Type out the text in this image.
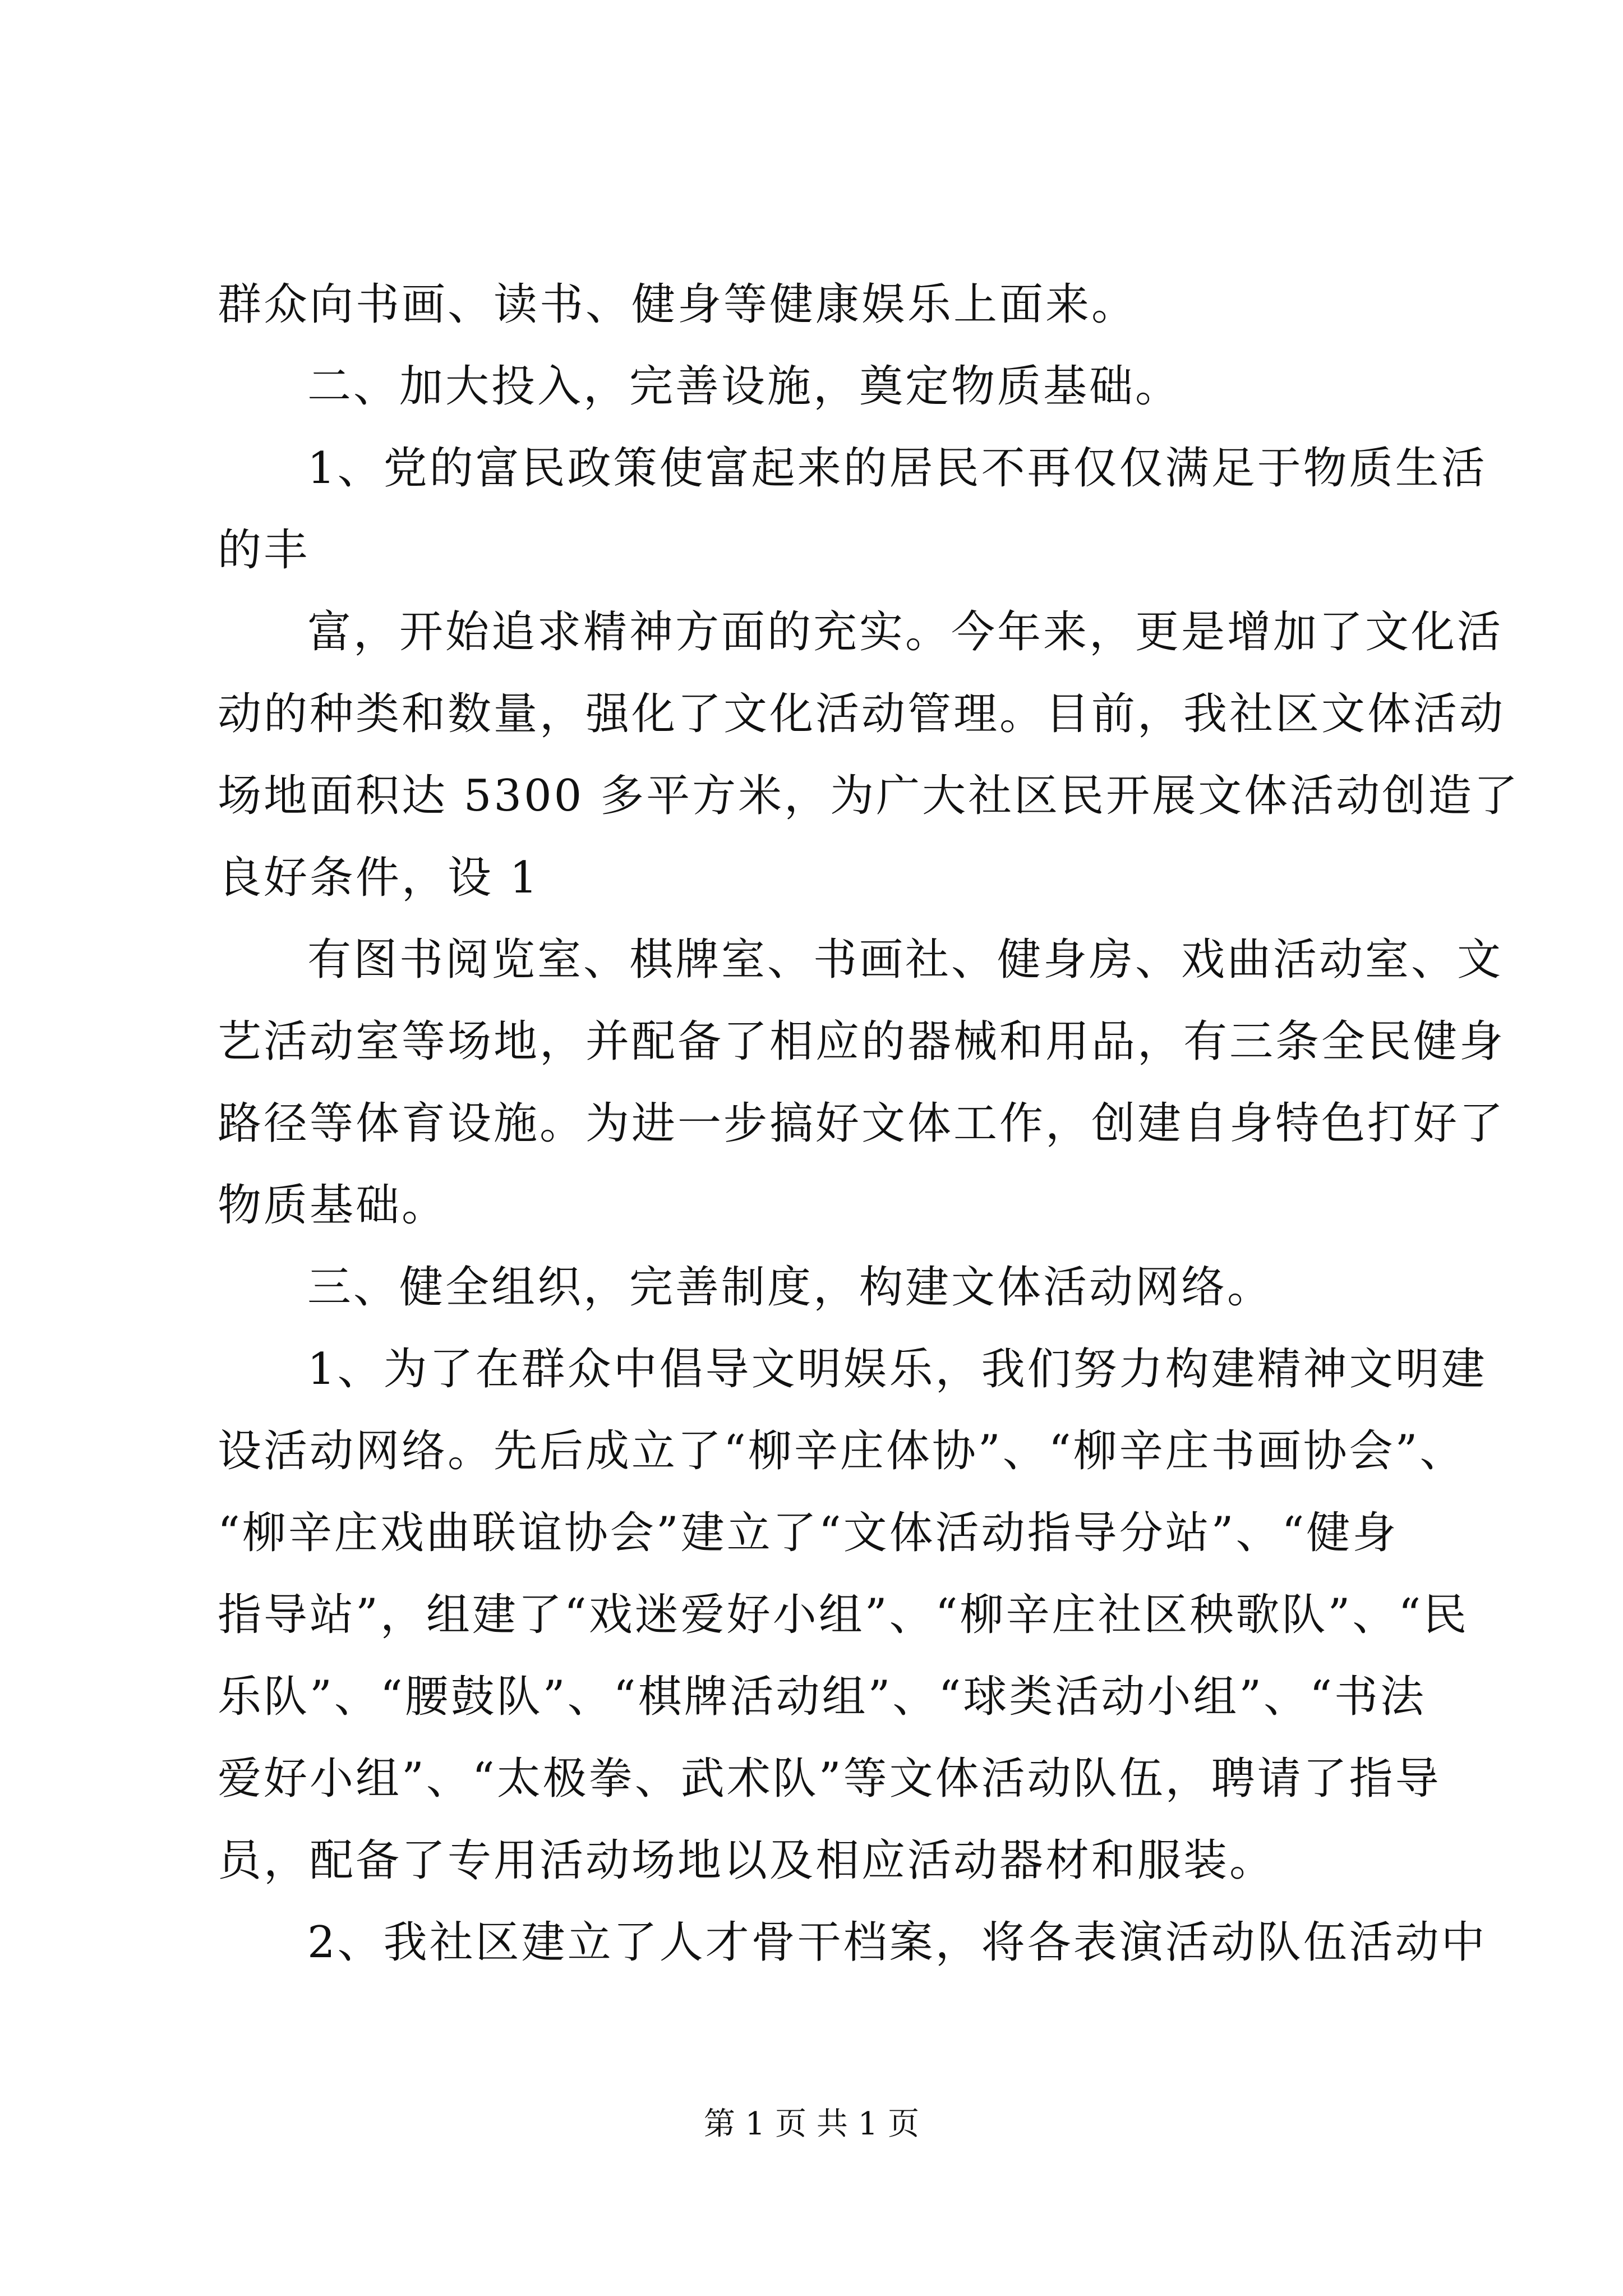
群众向书画、读书、健身等健康娱乐上面来。
二、加大投入，完善设施，奠定物质基础。
1、党的富民政策使富起来的居民不再仅仅满足于物质生活
的丰
富，开始追求精神方面的充实。今年来，更是增加了文化活
动的种类和数量，强化了文化活动管理。目前，我社区文体活动
场地面积达 5300 多平方米，为广大社区民开展文体活动创造了
良好条件，设 1
有图书阅览室、棋牌室、书画社、健身房、戏曲活动室、文
艺活动室等场地，并配备了相应的器械和用品，有三条全民健身
路径等体育设施。为进一步搞好文体工作，创建自身特色打好了
物质基础。
三、健全组织，完善制度，构建文体活动网络。
1、为了在群众中倡导文明娱乐，我们努力构建精神文明建
设活动网络。先后成立了“柳辛庄体协”、“柳辛庄书画协会”、
“柳辛庄戏曲联谊协会”建立了“文体活动指导分站”、“健身
指导站”，组建了“戏迷爱好小组”、“柳辛庄社区秧歌队”、“民
乐队”、“腰鼓队”、“棋牌活动组”、“球类活动小组”、“书法
爱好小组”、“太极拳、武术队”等文体活动队伍，聘请了指导
员，配备了专用活动场地以及相应活动器材和服装。
2、我社区建立了人才骨干档案，将各表演活动队伍活动中
第 1 页 共 1 页
